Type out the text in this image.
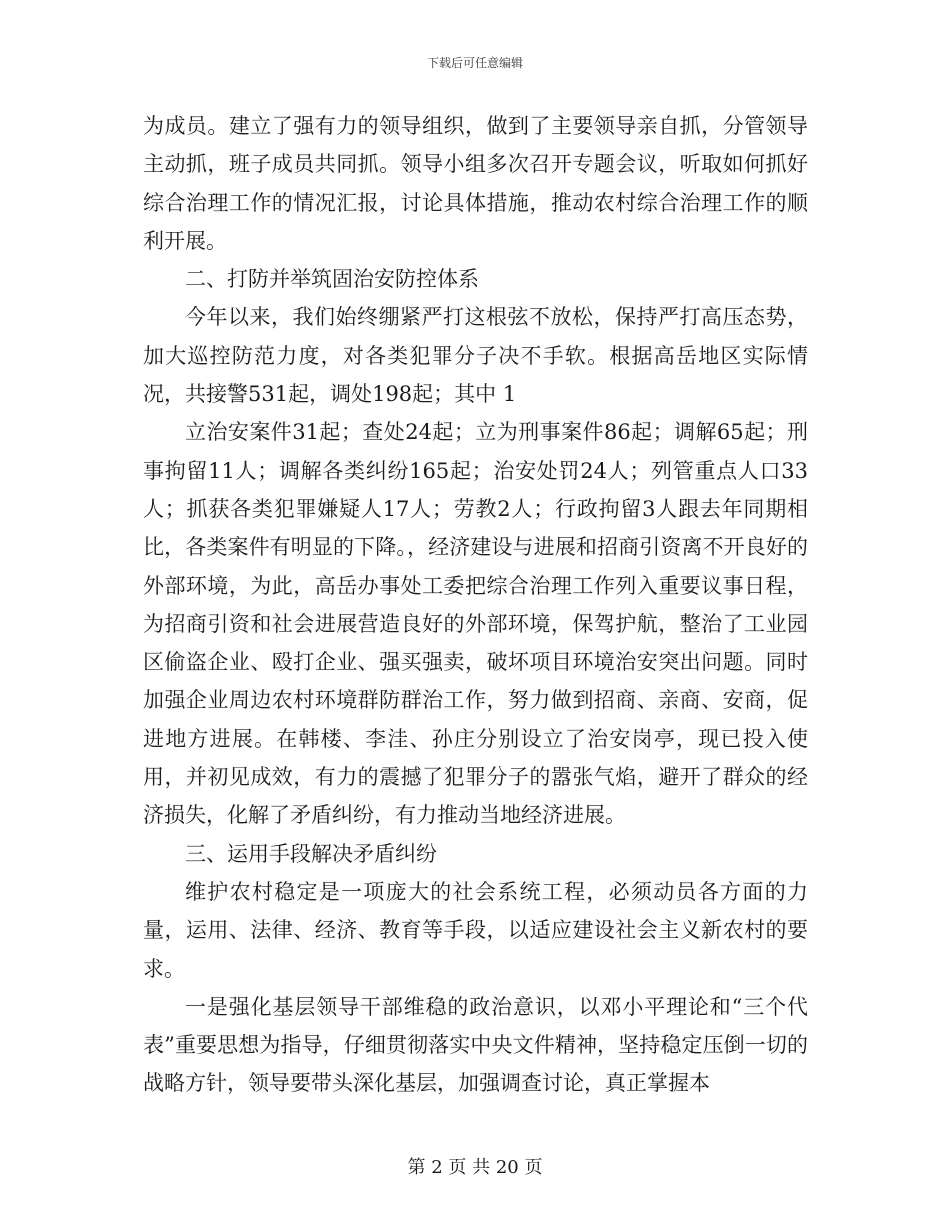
下载后可任意编辑

为成员。建立了强有力的领导组织，做到了主要领导亲自抓，分管领导主动抓，班子成员共同抓。领导小组多次召开专题会议，听取如何抓好综合治理工作的情况汇报，讨论具体措施，推动农村综合治理工作的顺利开展。

二、打防并举筑固治安防控体系

今年以来，我们始终绷紧严打这根弦不放松，保持严打高压态势，加大巡控防范力度，对各类犯罪分子决不手软。根据高岳地区实际情况，共接警531起，调处198起；其中 1

立治安案件31起；查处24起；立为刑事案件86起；调解65起；刑事拘留11人；调解各类纠纷165起；治安处罚24人；列管重点人口33人；抓获各类犯罪嫌疑人17人；劳教2人；行政拘留3人跟去年同期相比，各类案件有明显的下降。，经济建设与进展和招商引资离不开良好的外部环境，为此，高岳办事处工委把综合治理工作列入重要议事日程，为招商引资和社会进展营造良好的外部环境，保驾护航，整治了工业园区偷盗企业、殴打企业、强买强卖，破坏项目环境治安突出问题。同时加强企业周边农村环境群防群治工作，努力做到招商、亲商、安商，促进地方进展。在韩楼、李洼、孙庄分别设立了治安岗亭，现已投入使用，并初见成效，有力的震撼了犯罪分子的嚣张气焰，避开了群众的经济损失，化解了矛盾纠纷，有力推动当地经济进展。

三、运用手段解决矛盾纠纷

维护农村稳定是一项庞大的社会系统工程，必须动员各方面的力量，运用、法律、经济、教育等手段，以适应建设社会主义新农村的要求。

一是强化基层领导干部维稳的政治意识，以邓小平理论和“三个代表”重要思想为指导，仔细贯彻落实中央文件精神，坚持稳定压倒一切的战略方针，领导要带头深化基层，加强调查讨论，真正掌握本

第 2 页 共 20 页
